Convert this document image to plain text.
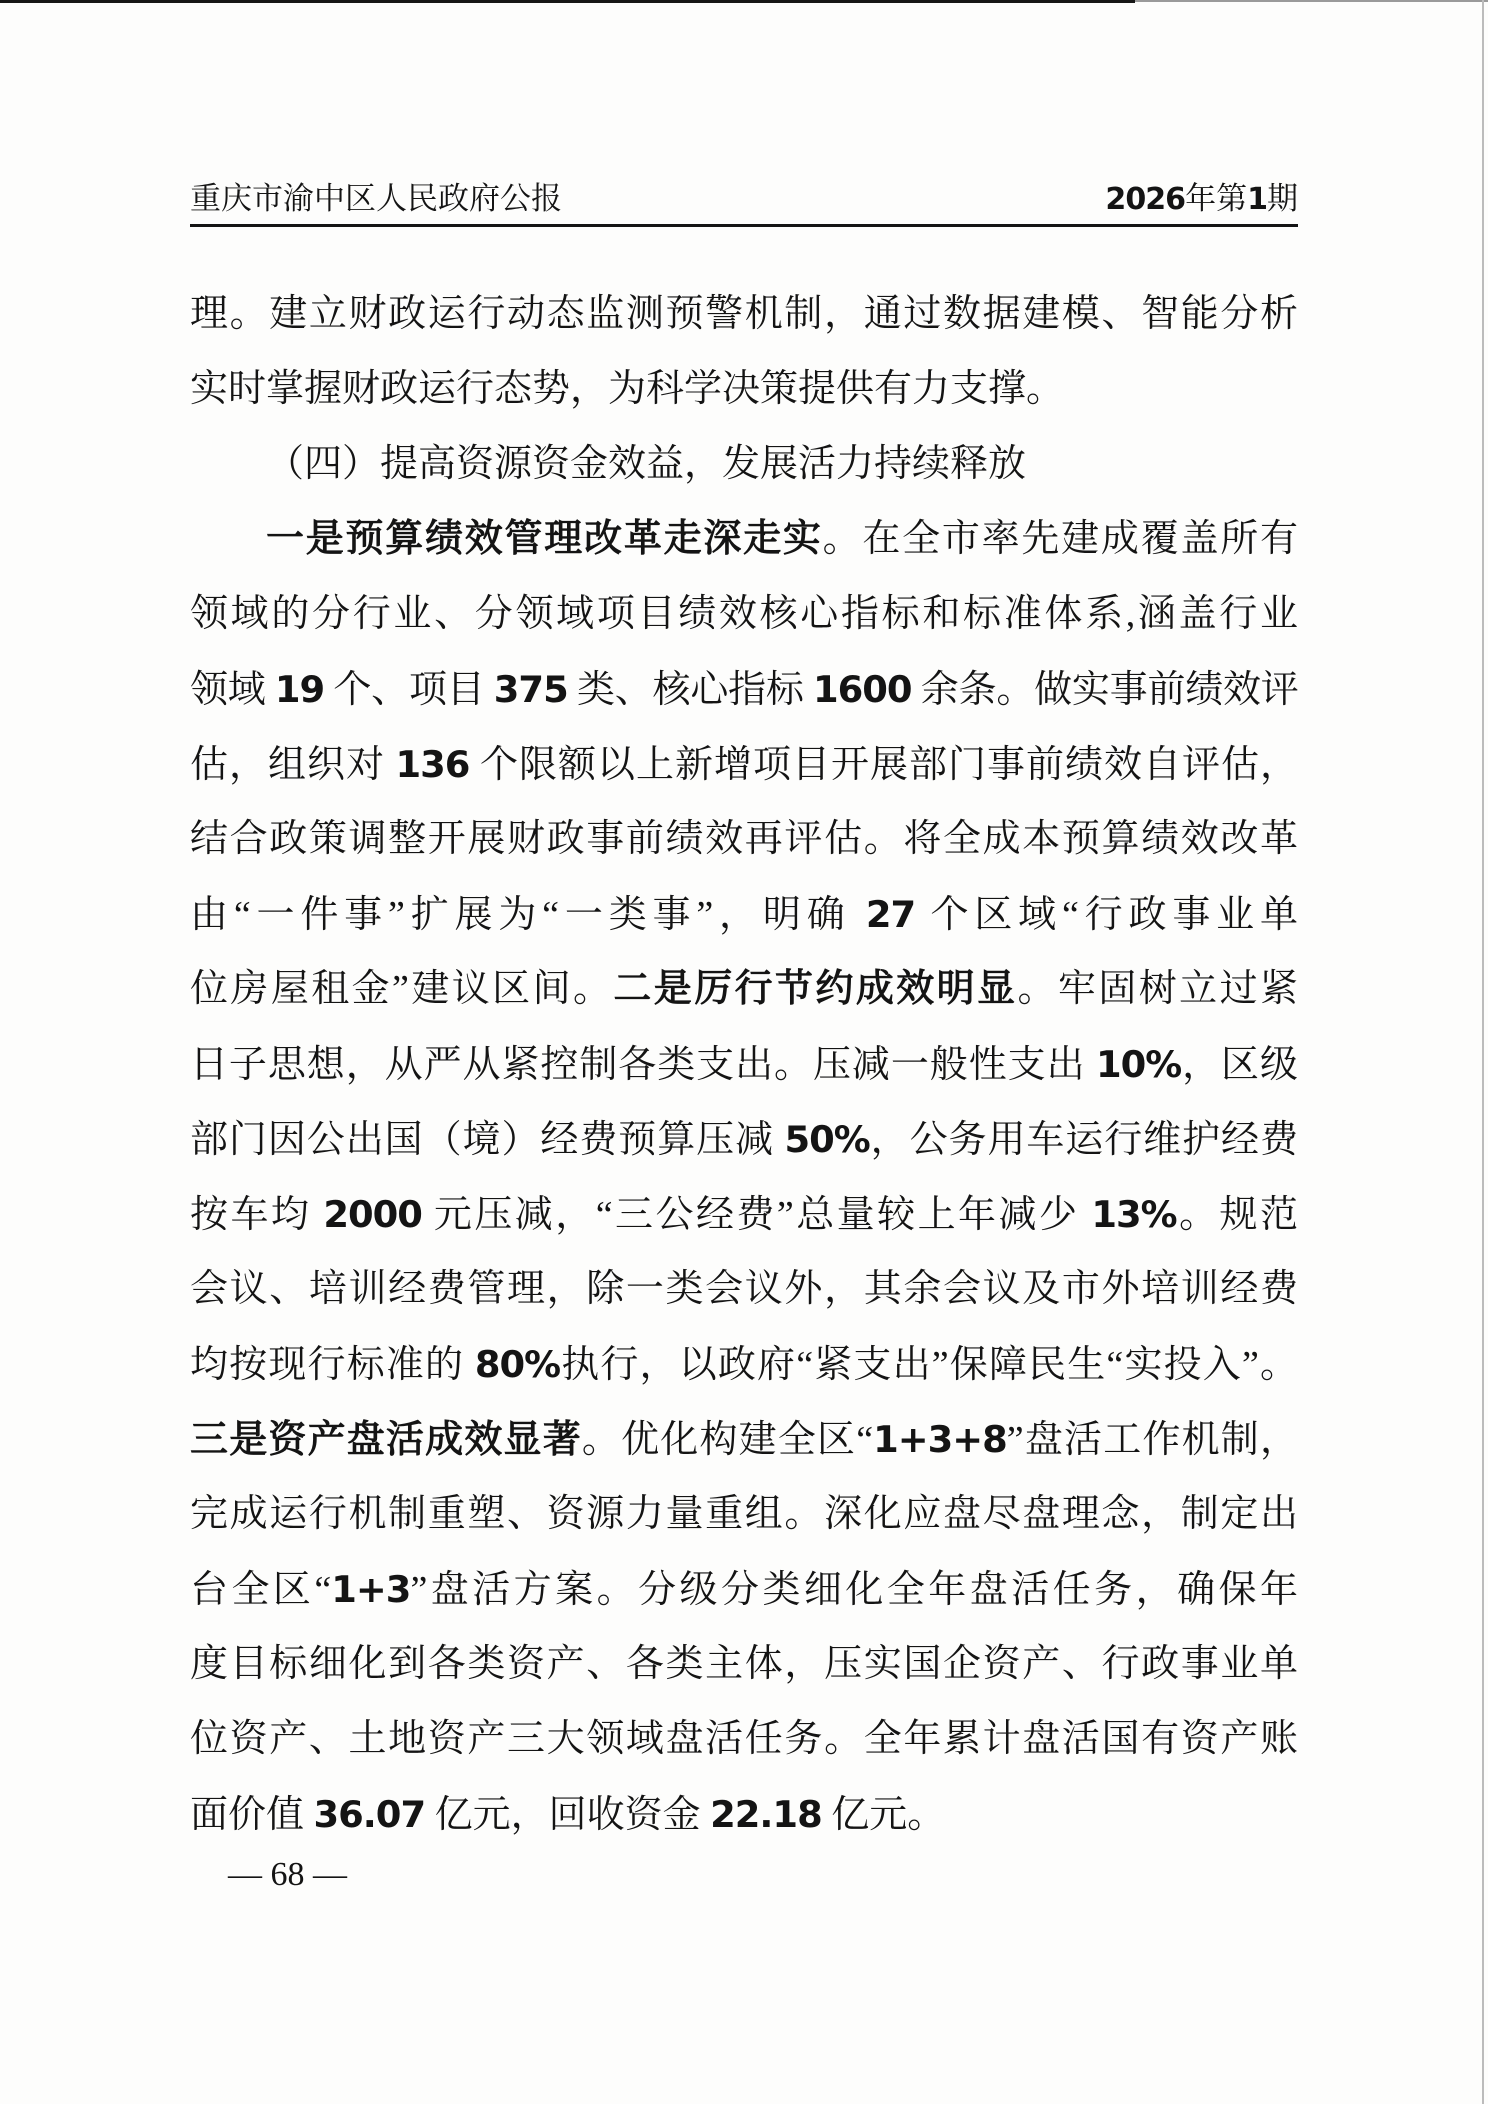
重庆市渝中区人民政府公报	2026年第1期
理。建立财政运行动态监测预警机制，通过数据建模、智能分析
实时掌握财政运行态势，为科学决策提供有力支撑。
（四）提高资源资金效益，发展活力持续释放
一是预算绩效管理改革走深走实。在全市率先建成覆盖所有
领域的分行业、分领域项目绩效核心指标和标准体系,涵盖行业
领域 19 个、项目 375 类、核心指标 1600 余条。做实事前绩效评
估，组织对 136 个限额以上新增项目开展部门事前绩效自评估，
结合政策调整开展财政事前绩效再评估。将全成本预算绩效改革
由“一件事”扩展为“一类事”，明确 27 个区域“行政事业单
位房屋租金”建议区间。二是厉行节约成效明显。牢固树立过紧
日子思想，从严从紧控制各类支出。压减一般性支出 10%，区级
部门因公出国（境）经费预算压减 50%，公务用车运行维护经费
按车均 2000 元压减，“三公经费”总量较上年减少 13%。规范
会议、培训经费管理，除一类会议外，其余会议及市外培训经费
均按现行标准的 80%执行，以政府“紧支出”保障民生“实投入”。
三是资产盘活成效显著。优化构建全区“1+3+8”盘活工作机制，
完成运行机制重塑、资源力量重组。深化应盘尽盘理念，制定出
台全区“1+3”盘活方案。分级分类细化全年盘活任务，确保年
度目标细化到各类资产、各类主体，压实国企资产、行政事业单
位资产、土地资产三大领域盘活任务。全年累计盘活国有资产账
面价值 36.07 亿元，回收资金 22.18 亿元。
— 68 —
